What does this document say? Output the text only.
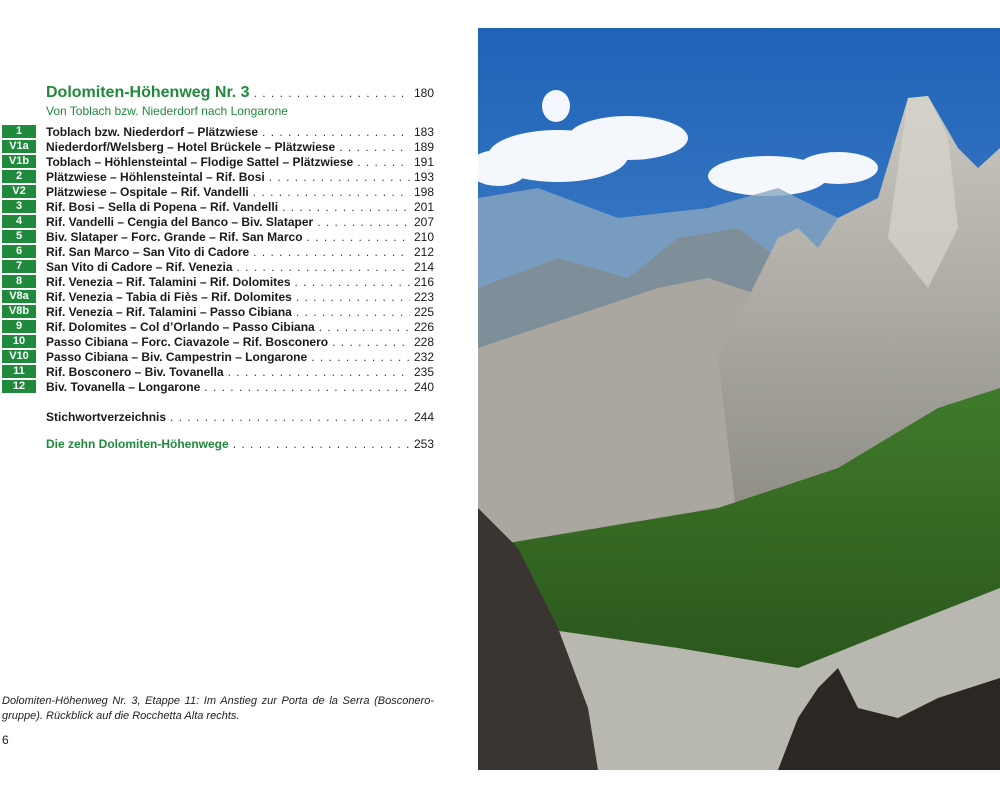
Dolomiten-Höhenweg Nr. 3 . . .	180
Von Toblach bzw. Niederdorf nach Longarone
1	Toblach bzw. Niederdorf – Plätzwiese . . .	183
V1a	Niederdorf/Welsberg – Hotel Brückele – Plätzwiese . . .	189
V1b	Toblach – Höhlensteintal – Flodige Sattel – Plätzwiese . . .	191
2	Plätzwiese – Höhlensteintal – Rif. Bosi . . .	193
V2	Plätzwiese – Ospitale – Rif. Vandelli . . .	198
3	Rif. Bosi – Sella di Popena – Rif. Vandelli . . .	201
4	Rif. Vandelli – Cengia del Banco – Biv. Slataper . . .	207
5	Biv. Slataper – Forc. Grande – Rif. San Marco . . .	210
6	Rif. San Marco – San Vito di Cadore . . .	212
7	San Vito di Cadore – Rif. Venezia . . .	214
8	Rif. Venezia – Rif. Talamini – Rif. Dolomites . . .	216
V8a	Rif. Venezia – Tabia di Fiès – Rif. Dolomites . . .	223
V8b	Rif. Venezia – Rif. Talamini – Passo Cibiana . . .	225
9	Rif. Dolomites – Col d’Orlando – Passo Cibiana . . .	226
10	Passo Cibiana – Forc. Ciavazole – Rif. Bosconero . . .	228
V10	Passo Cibiana – Biv. Campestrin – Longarone . . .	232
11	Rif. Bosconero – Biv. Tovanella . . .	235
12	Biv. Tovanella – Longarone . . .	240
Stichwortverzeichnis . . .	244
Die zehn Dolomiten-Höhenwege . . .	253
Dolomiten-Höhenweg Nr. 3, Etappe 11: Im Anstieg zur Porta de la Serra (Bosconero-gruppe). Rückblick auf die Rocchetta Alta rechts.
6
